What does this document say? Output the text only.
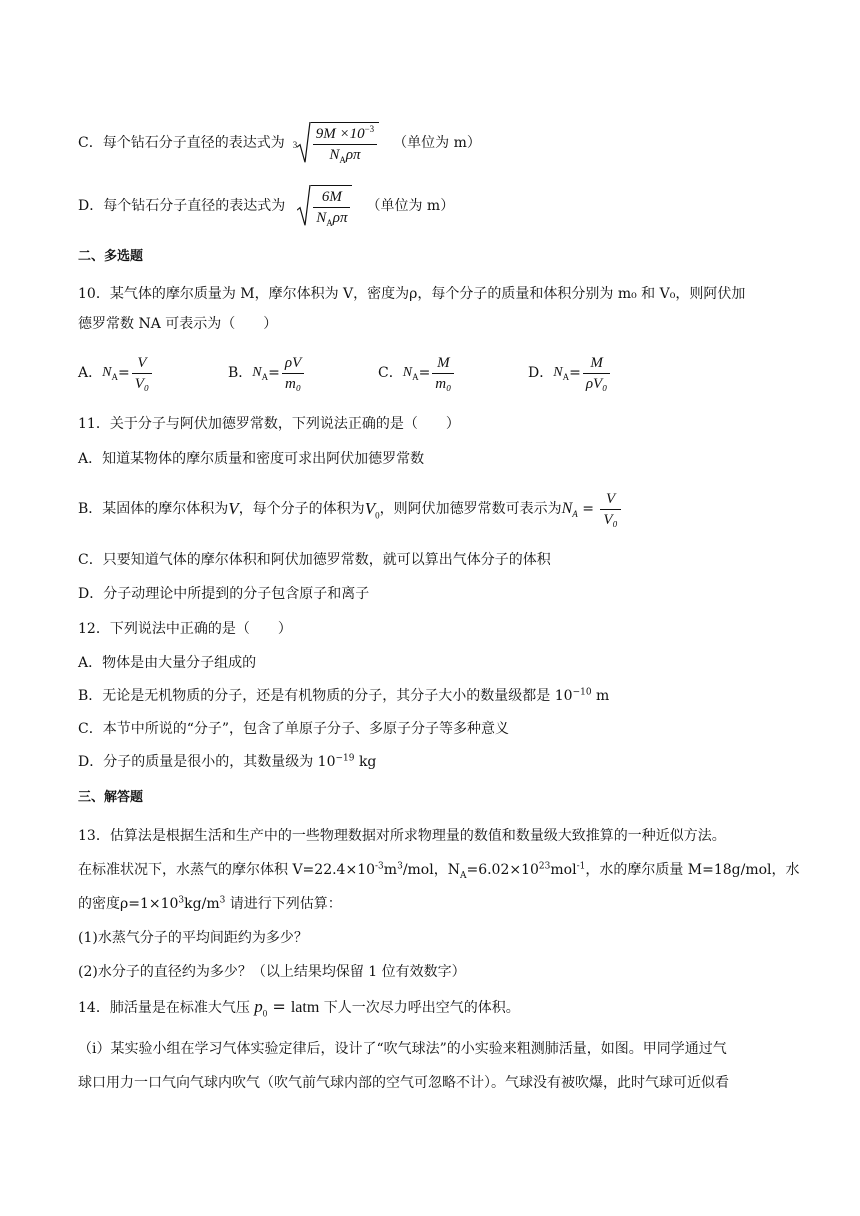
C．每个钻石分子直径的表达式为 $3 \frac{9M \times 10^{-3}}{N_A\rho\pi}$ （单位为 m）
D．每个钻石分子直径的表达式为 $\frac{6M}{N_A\rho\pi}$ （单位为 m）
二、多选题
10．某气体的摩尔质量为 M，摩尔体积为 V，密度为ρ，每个分子的质量和体积分别为 m₀ 和 V₀，则阿伏加
德罗常数 NA 可表示为（　　）
A． $N_A = \frac{V}{\text{V₀}}$	B． $N_A = \frac{\rho V}{\text{m₀}}$	C． $N_A = \frac{M}{\text{m₀}}$	D． $N_A = \frac{M}{\text{ρV₀}}$
11．关于分子与阿伏加德罗常数，下列说法正确的是（　　）
A．知道某物体的摩尔质量和密度可求出阿伏加德罗常数
B．某固体的摩尔体积为 V ，每个分子的体积为 $V_0$ ，则阿伏加德罗常数可表示为 $N_A = \frac{V}{\text{V₀}}$
C．只要知道气体的摩尔体积和阿伏加德罗常数，就可以算出气体分子的体积
D．分子动理论中所提到的分子包含原子和离子
12．下列说法中正确的是（　　）
A．物体是由大量分子组成的
B．无论是无机物质的分子，还是有机物质的分子，其分子大小的数量级都是 $10^{-10}$ m
C．本节中所说的“分子”，包含了单原子分子、多原子分子等多种意义
D．分子的质量是很小的，其数量级为 $10^{-19}$ kg
三、解答题
13．估算法是根据生活和生产中的一些物理数据对所求物理量的数值和数量级大致推算的一种近似方法。
在标准状况下，水蒸气的摩尔体积 $V=22.4\times 10^{-3}m^3$/mol，$N_A=6.02\times 10^{23}mol^{-1}$，水的摩尔质量 M=18g/mol，水
的密度$\rho=1\times 10^3kg/m^3$ 请进行下列估算：
(1)水蒸气分子的平均间距约为多少？
(2)水分子的直径约为多少？（以上结果均保留 1 位有效数字）
14．肺活量是在标准大气压 $p_0$ = latm 下人一次尽力呼出空气的体积。
（i）某实验小组在学习气体实验定律后，设计了“吹气球法”的小实验来粗测肺活量，如图。甲同学通过气
球口用力一口气向气球内吹气（吹气前气球内部的空气可忽略不计）。气球没有被吹爆，此时气球可近似看
